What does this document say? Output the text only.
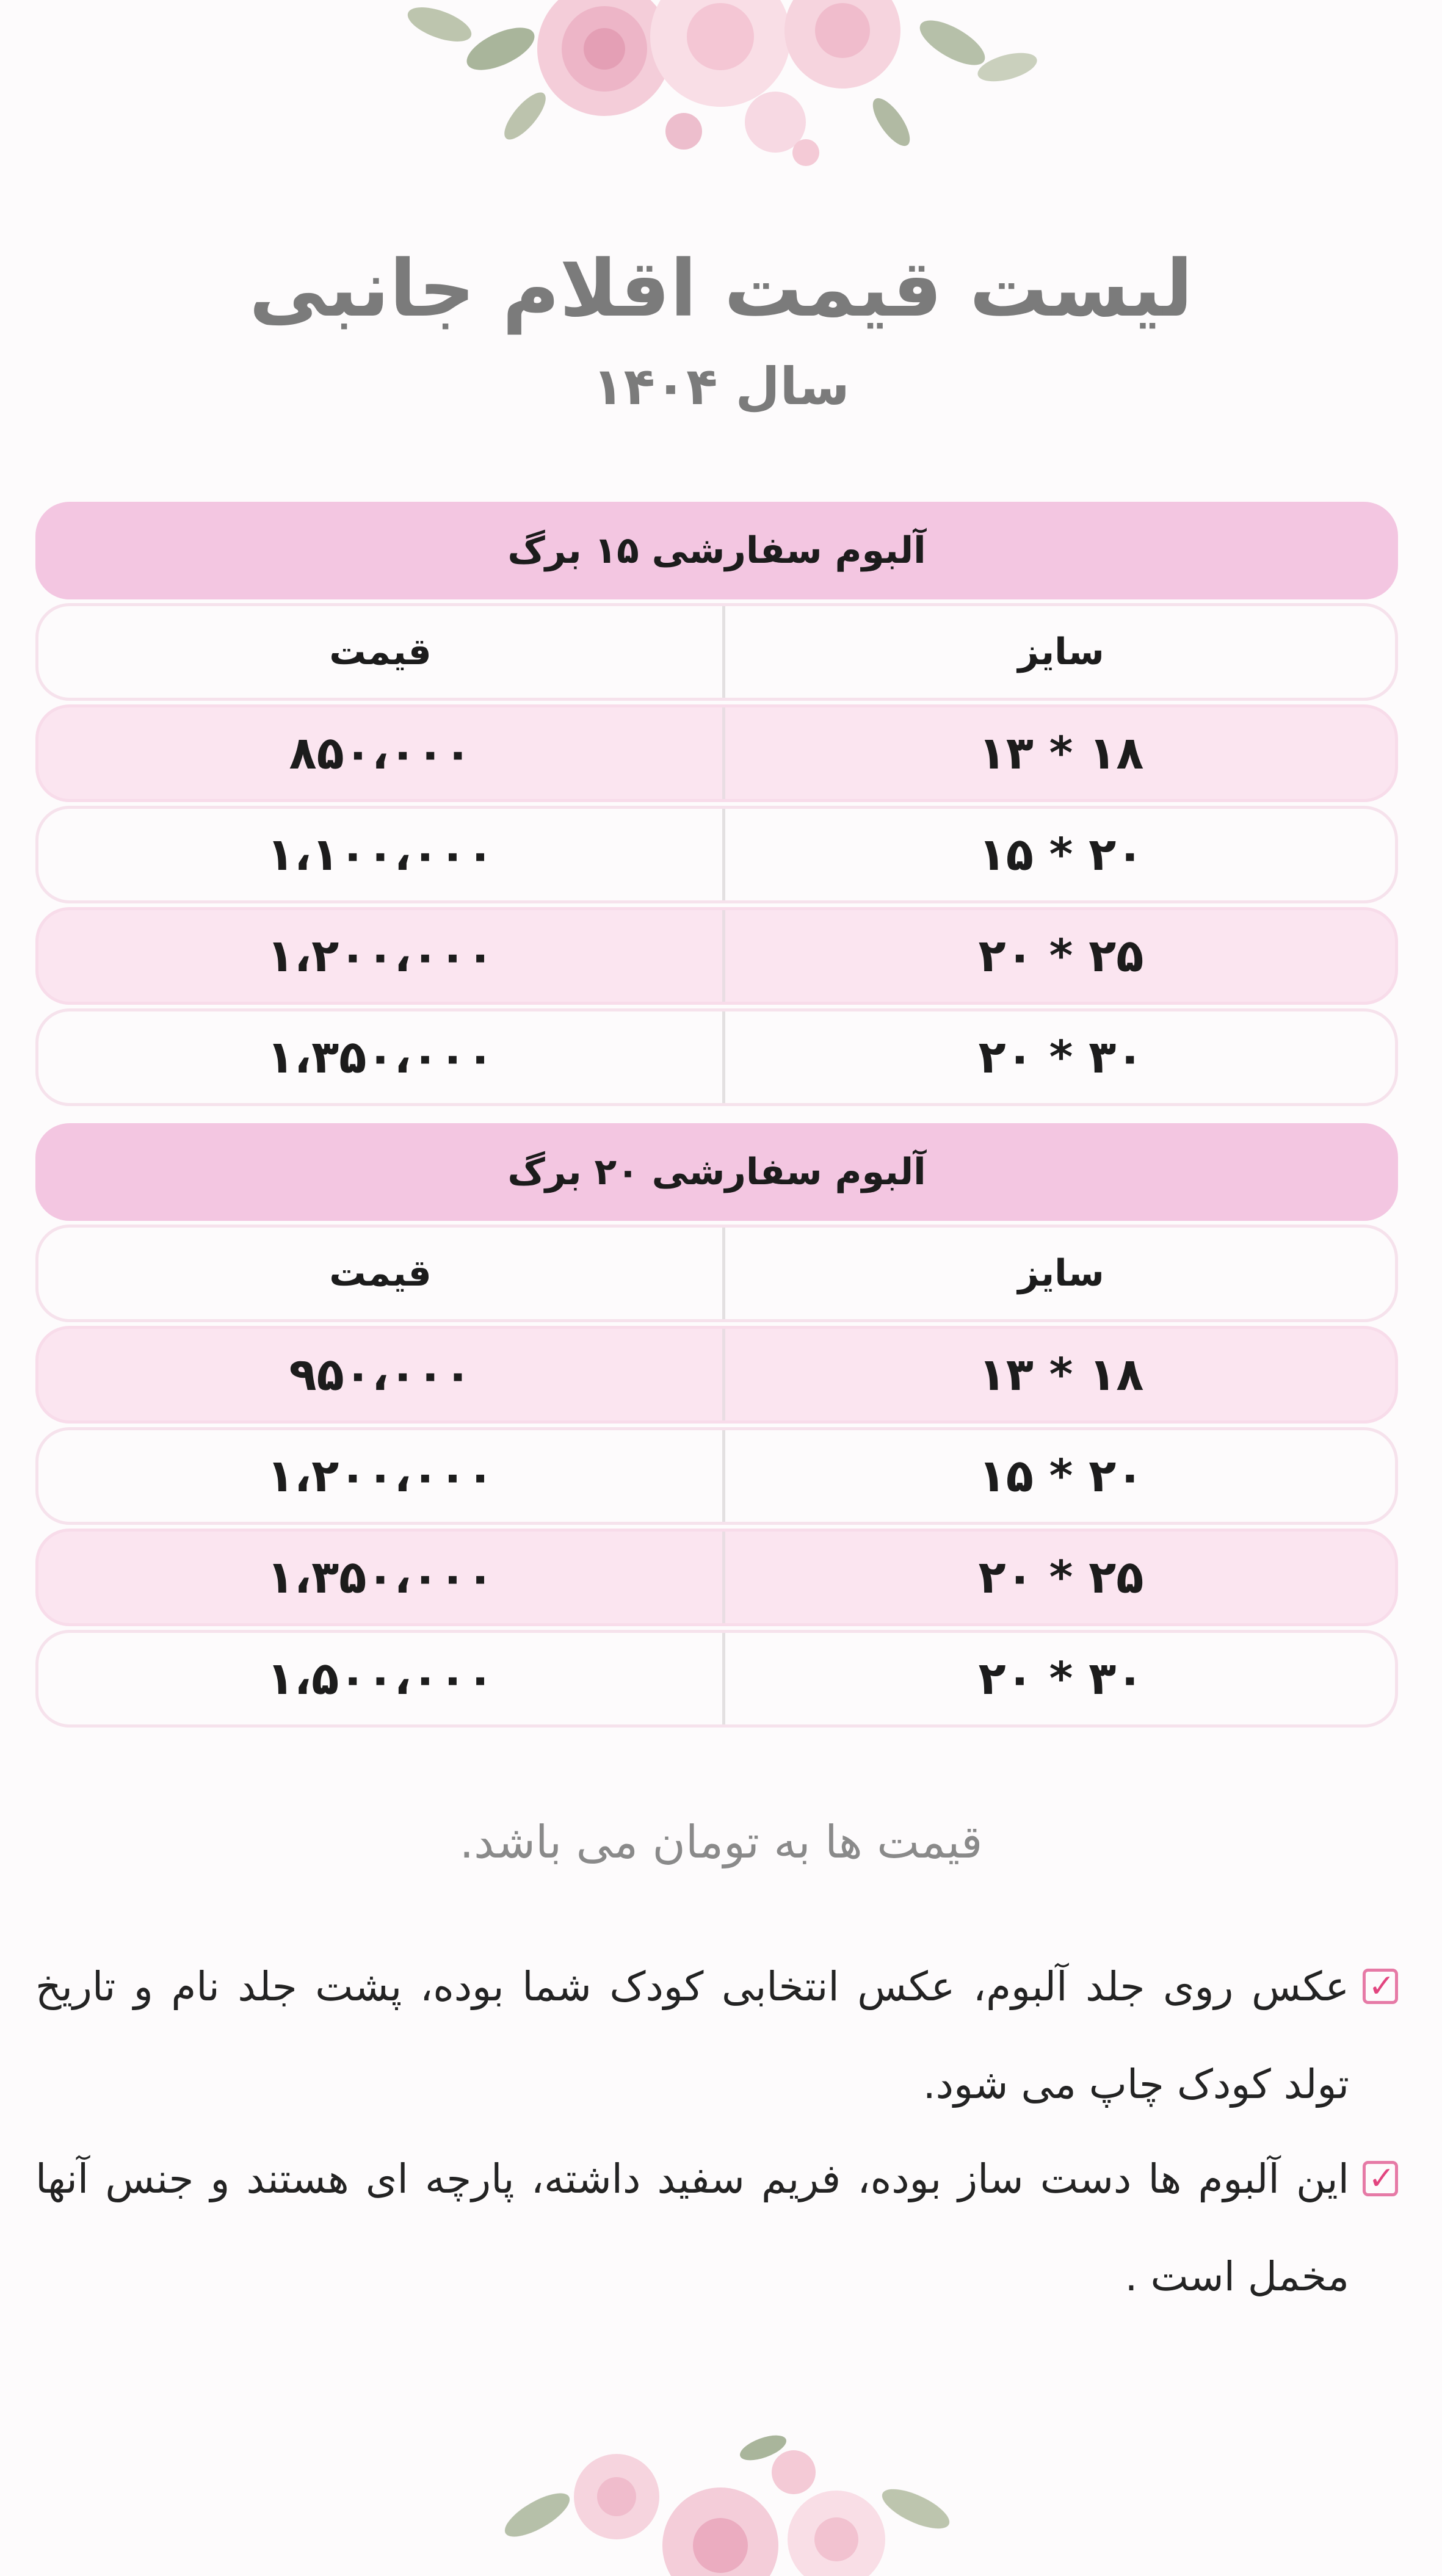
لیست قیمت اقلام جانبی
سال ۱۴۰۴
آلبوم سفارشی ۱۵ برگ
سایز
قیمت
۱۸ * ۱۳
۸۵۰،۰۰۰
۲۰ * ۱۵
۱،۱۰۰،۰۰۰
۲۵ * ۲۰
۱،۲۰۰،۰۰۰
۳۰ * ۲۰
۱،۳۵۰،۰۰۰
آلبوم سفارشی ۲۰ برگ
سایز
قیمت
۱۸ * ۱۳
۹۵۰،۰۰۰
۲۰ * ۱۵
۱،۲۰۰،۰۰۰
۲۵ * ۲۰
۱،۳۵۰،۰۰۰
۳۰ * ۲۰
۱،۵۰۰،۰۰۰
قیمت ها به تومان می باشد.
✓
عکس روی جلد آلبوم، عکس انتخابی کودک شما بوده، پشت جلد نام و تاریخ تولد کودک چاپ می شود.
✓
این آلبوم ها دست ساز بوده، فریم سفید داشته، پارچه ای هستند و جنس آنها مخمل است .
